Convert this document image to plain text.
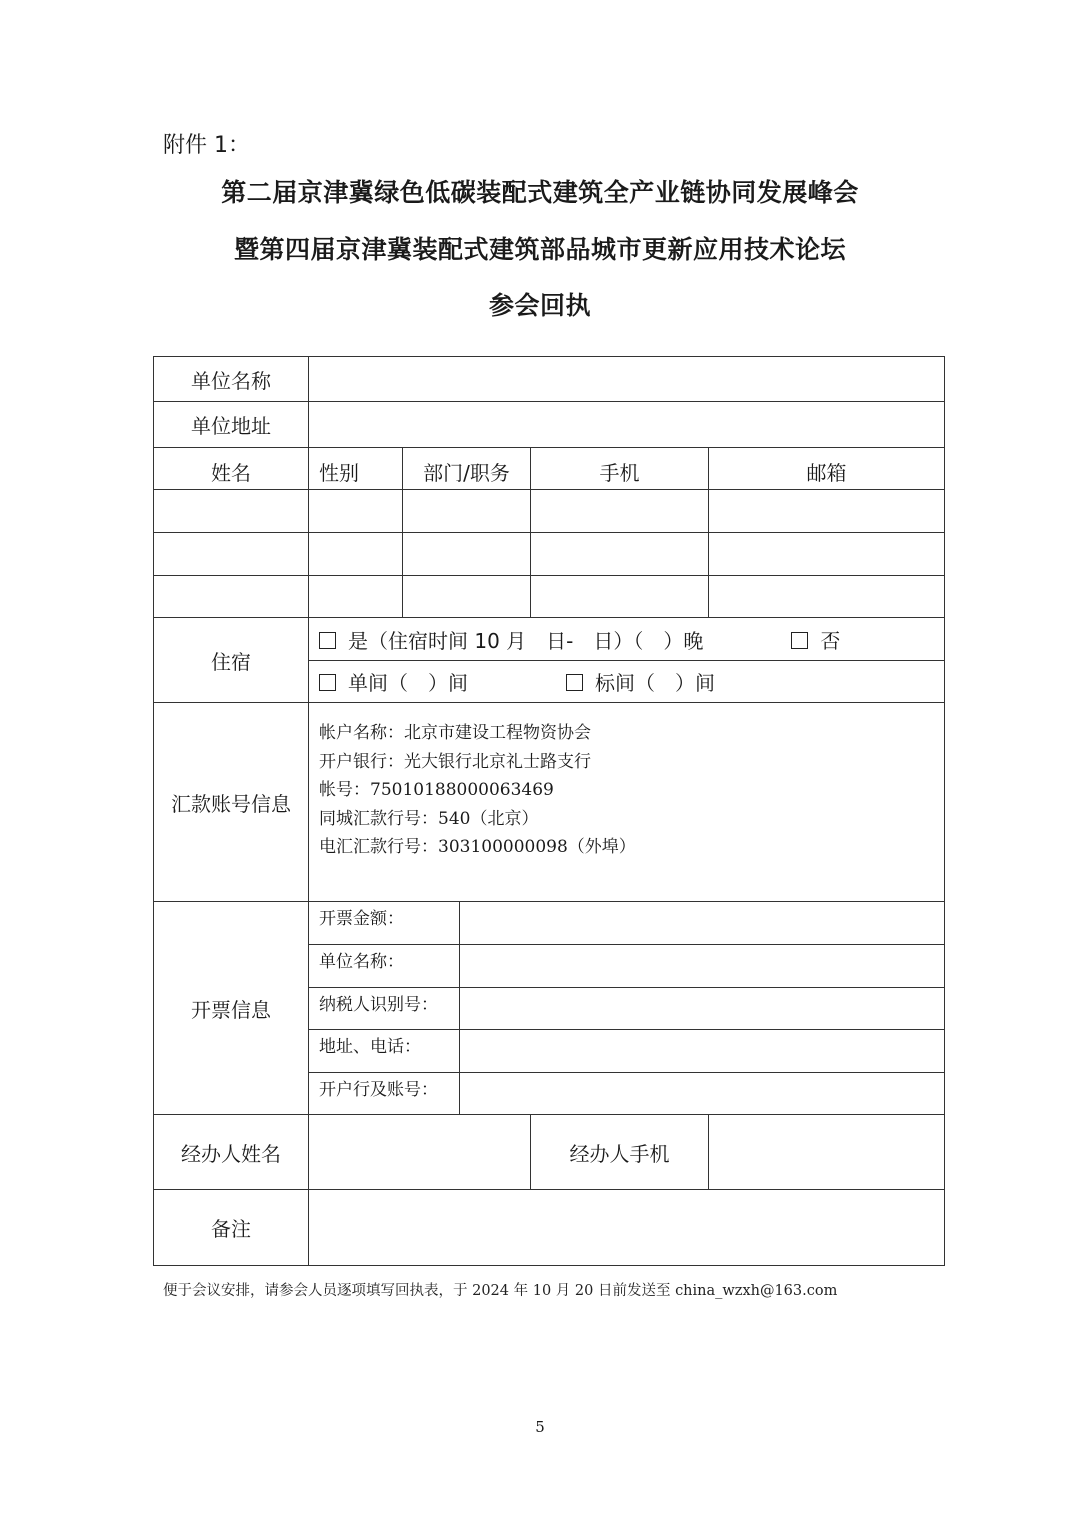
附件 1：
第二届京津冀绿色低碳装配式建筑全产业链协同发展峰会
暨第四届京津冀装配式建筑部品城市更新应用技术论坛
参会回执
单位名称					
单位地址					
姓名	性别	部门/职务		手机	邮箱

住宿	是（住宿时间 10 月　日-　日）（　）晚 否				
	单间（　）间 标间（　）间				
汇款账号信息	帐户名称：北京市建设工程物资协会
开户银行：光大银行北京礼士路支行
帐号：75010188000063469
同城汇款行号：540（北京）
电汇汇款行号：303100000098（外埠）				

开票信息	开票金额：				
	单位名称：				
	纳税人识别号：				
	地址、电话：				
	开户行及账号：				
经办人姓名				经办人手机	
备注					
便于会议安排，请参会人员逐项填写回执表，于 2024 年 10 月 20 日前发送至 china_wzxh@163.com
5
